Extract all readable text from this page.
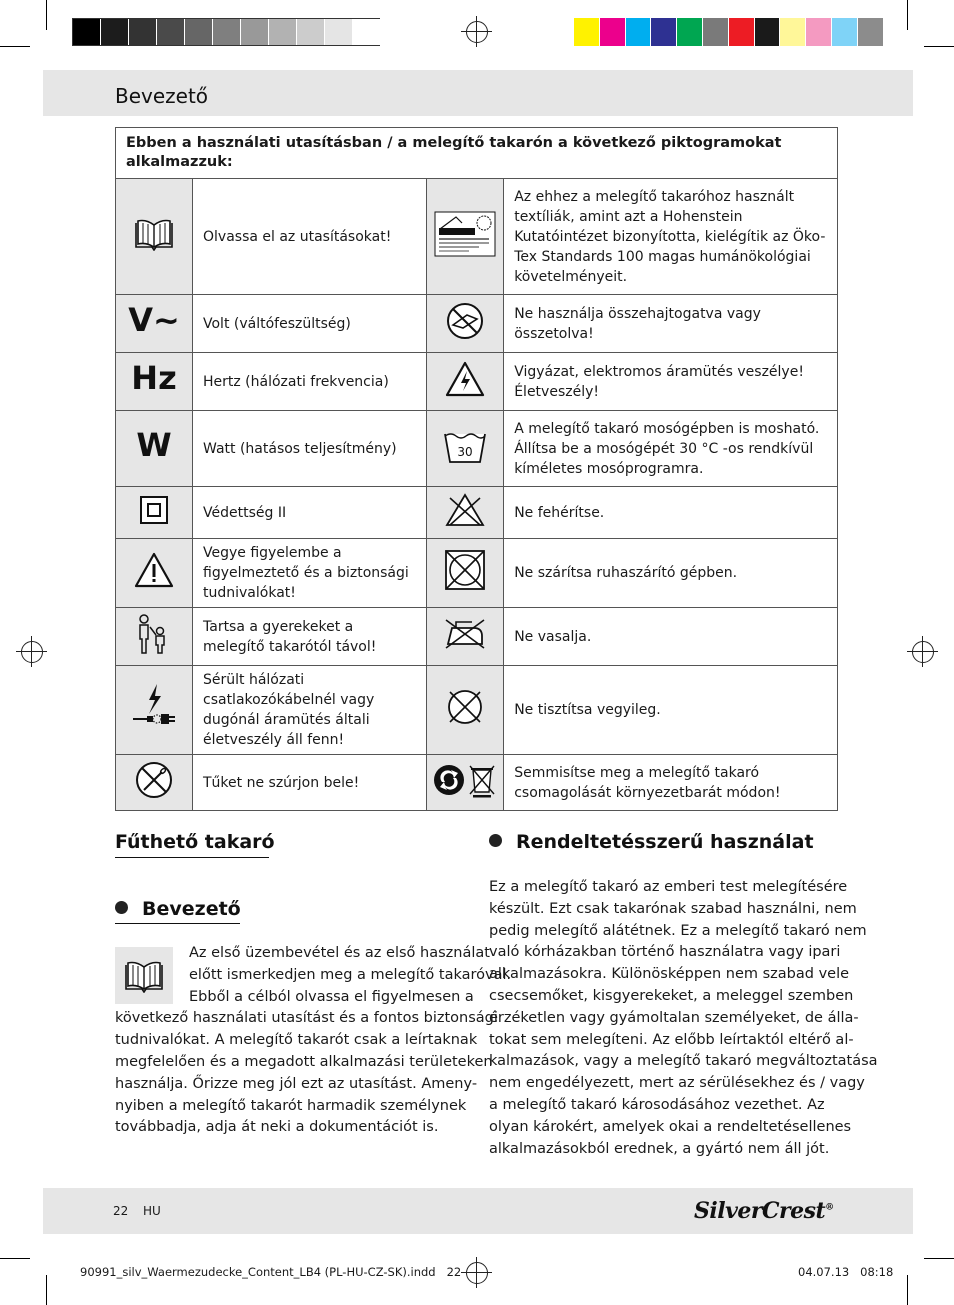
Bevezető
Ebben a használati utasításban / a melegítő takarón a következő piktogramokat alkalmazzuk:			
	Olvassa el az utasításokat!		Az ehhez a melegítő takaróhoz használt textíliák, amint azt a Hohenstein Kutatóintézet bizonyította, kielégítik az Öko-Tex Standards 100 magas humánökológiai követelményeit.
V~	Volt (váltófeszültség)		Ne használja összehajtogatva vagy összetolva!
Hz	Hertz (hálózati frekvencia)		Vigyázat, elektromos áramütés veszélye! Életveszély!
W	Watt (hatásos teljesítmény)	30	A melegítő takaró mosógépben is mosható. Állítsa be a mosógépét 30 °C -os rendkívül kíméletes mosóprogramra.
	Védettség II		Ne fehérítse.
	Vegye figyelembe a figyelmeztető és a biztonsági tudnivalókat!		Ne szárítsa ruhaszárító gépben.
	Tartsa a gyerekeket a melegítő takarótól távol!		Ne vasalja.
	Sérült hálózati csatlakozókábelnél vagy dugónál áramütés általi életveszély áll fenn!		Ne tisztítsa vegyileg.
	Tűket ne szúrjon bele!		Semmisítse meg a melegítő takaró csomagolását környezetbarát módon!
Fűthető takaró
Bevezető
Az első üzembevétel és az első használat
előtt ismerkedjen meg a melegítő takaróval.
Ebből a célból olvassa el figyelmesen a
következő használati utasítást és a fontos biztonsági
tudnivalókat. A melegítő takarót csak a leírtaknak
megfelelően és a megadott alkalmazási területeken
használja. Őrizze meg jól ezt az utasítást. Ameny-
nyiben a melegítő takarót harmadik személynek
továbbadja, adja át neki a dokumentációt is.
Rendeltetésszerű használat
Ez a melegítő takaró az emberi test melegítésére
készült. Ezt csak takarónak szabad használni, nem
pedig melegítő alátétnek. Ez a melegítő takaró nem
való kórházakban történő használatra vagy ipari
alkalmazásokra. Különösképpen nem szabad vele
csecsemőket, kisgyerekeket, a meleggel szemben
érzéketlen vagy gyámoltalan személyeket, de álla-
tokat sem melegíteni. Az előbb leírtaktól eltérő al-
kalmazások, vagy a melegítő takaró megváltoztatása
nem engedélyezett, mert az sérülésekhez és / vagy
a melegítő takaró károsodásához vezethet. Az
olyan károkért, amelyek okai a rendeltetésellenes
alkalmazásokból erednek, a gyártó nem áll jót.
22 HU	SilverCrest®
90991_silv_Waermezudecke_Content_LB4 (PL-HU-CZ-SK).indd   22	04.07.13   08:18
